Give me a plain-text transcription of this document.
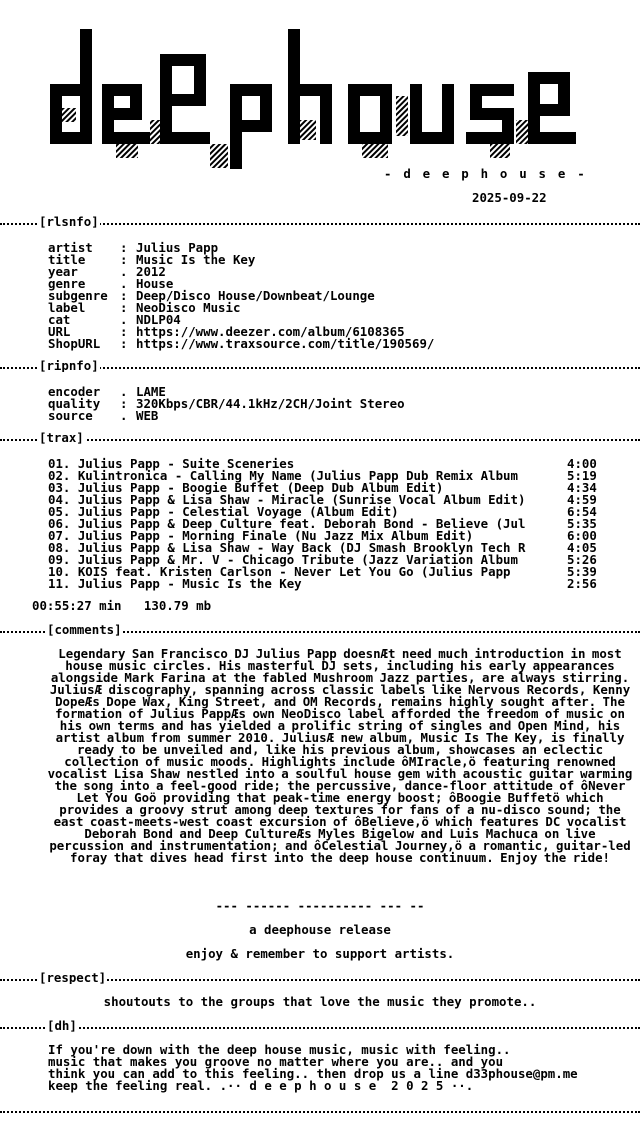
- d e e p h o u s e -
2025-09-22

[rlsnfo]

artist : Julius Papp
title	: Music Is the Key
year	. 2012
genre	. House
subgenre : Deep/Disco House/Downbeat/Lounge
label	: NeoDisco Music
cat	. NDLP04
URL	: https://www.deezer.com/album/6108365
ShopURL : https://www.traxsource.com/title/190569/

[ripnfo]

encoder . LAME
quality : 320Kbps/CBR/44.1kHz/2CH/Joint Stereo
source . WEB

[trax]

01. Julius Papp - Suite Sceneries	4:00
02. Kulintronica - Calling My Name (Julius Papp Dub Remix Album	5:19
03. Julius Papp - Boogie Buffet (Deep Dub Album Edit)	4:34
04. Julius Papp & Lisa Shaw - Miracle (Sunrise Vocal Album Edit)	4:59
05. Julius Papp - Celestial Voyage (Album Edit)	6:54
06. Julius Papp & Deep Culture feat. Deborah Bond - Believe (Jul	5:35
07. Julius Papp - Morning Finale (Nu Jazz Mix Album Edit)	6:00
08. Julius Papp & Lisa Shaw - Way Back (DJ Smash Brooklyn Tech R	4:05
09. Julius Papp & Mr. V - Chicago Tribute (Jazz Variation Album	5:26
10. KOIS feat. Kristen Carlson - Never Let You Go (Julius Papp	5:39
11. Julius Papp - Music Is the Key	2:56
00:55:27 min   130.79 mb

[comments]

Legendary San Francisco DJ Julius Papp doesnÆt need much introduction in most house music circles. His masterful DJ sets, including his early appearances alongside Mark Farina at the fabled Mushroom Jazz parties, are always stirring. JuliusÆ discography, spanning across classic labels like Nervous Records, Kenny DopeÆs Dope Wax, King Street, and OM Records, remains highly sought after. The formation of Julius PappÆs own NeoDisco label afforded the freedom of music on his own terms and has yielded a prolific string of singles and Open Mind, his artist album from summer 2010. JuliusÆ new album, Music Is The Key, is finally ready to be unveiled and, like his previous album, showcases an eclectic collection of music moods. Highlights include ôMIracle,ö featuring renowned vocalist Lisa Shaw nestled into a soulful house gem with acoustic guitar warming the song into a feel-good ride; the percussive, dance-floor attitude of ôNever Let You Goö providing that peak-time energy boost; ôBoogie Buffetö which provides a groovy strut among deep textures for fans of a nu-disco sound; the east coast-meets-west coast excursion of ôBelieve,ö which features DC vocalist Deborah Bond and Deep CultureÆs Myles Bigelow and Luis Machuca on live percussion and instrumentation; and ôCelestial Journey,ö a romantic, guitar-led foray that dives head first into the deep house continuum. Enjoy the ride!
--- ------ ---------- --- --
a deephouse release
enjoy & remember to support artists.

[respect]

shoutouts to the groups that love the music they promote..

[dh]

If you're down with the deep house music, music with feeling..
music that makes you groove no matter where you are.. and you
think you can add to this feeling.. then drop us a line d33phouse@pm.me
keep the feeling real. .·· d e e p h o u s e  2 0 2 5 ··.
